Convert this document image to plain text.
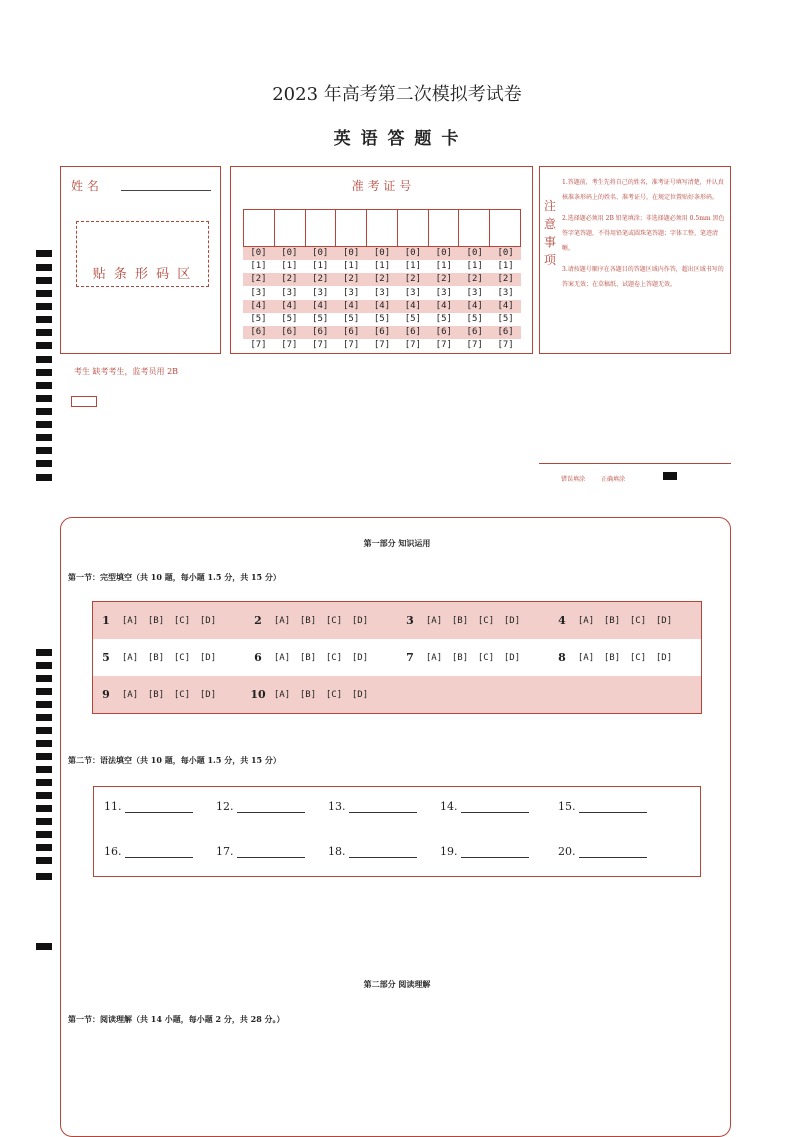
2023 年高考第二次模拟考试卷
英 语 答 题 卡
姓 名
贴 条 形 码 区
准 考 证 号
[0]	[0]	[0]	[0]	[0]	[0]	[0]	[0]	[0]
[1]	[1]	[1]	[1]	[1]	[1]	[1]	[1]	[1]
[2]	[2]	[2]	[2]	[2]	[2]	[2]	[2]	[2]
[3]	[3]	[3]	[3]	[3]	[3]	[3]	[3]	[3]
[4]	[4]	[4]	[4]	[4]	[4]	[4]	[4]	[4]
[5]	[5]	[5]	[5]	[5]	[5]	[5]	[5]	[5]
[6]	[6]	[6]	[6]	[6]	[6]	[6]	[6]	[6]
[7]	[7]	[7]	[7]	[7]	[7]	[7]	[7]	[7]
注意事项
1.答题前，考生先将自己的姓名，准考证号填写清楚，并认真核准条形码上的姓名、准考证号，在规定位置贴好条形码。
2.选择题必须用 2B 铅笔填涂；非选择题必须用 0.5mm 黑色签字笔答题，不得用铅笔或圆珠笔答题；字体工整、笔迹清晰。
3.请按题号顺序在各题目的答题区域内作答，超出区域书写的答案无效；在草稿纸、试题卷上答题无效。
考生 缺考考生，监考员用 2B
错误填涂	正确填涂
第一部分 知识运用
第一节：完型填空（共 10 题，每小题 1.5 分，共 15 分）
1	[A]	[B]	[C]	[D]	2	[A]	[B]	[C]	[D]	3	[A]	[B]	[C]	[D]	4	[A]	[B]	[C]	[D]
5	[A]	[B]	[C]	[D]	6	[A]	[B]	[C]	[D]	7	[A]	[B]	[C]	[D]	8	[A]	[B]	[C]	[D]
9	[A]	[B]	[C]	[D]	10 [A]	[B]	[C]	[D]
第二节：语法填空（共 10 题，每小题 1.5 分，共 15 分）
11.	12.	13.	14.	15.
16.	17.	18.	19.	20.
第二部分 阅读理解
第一节：阅读理解（共 14 小题，每小题 2 分，共 28 分。）
